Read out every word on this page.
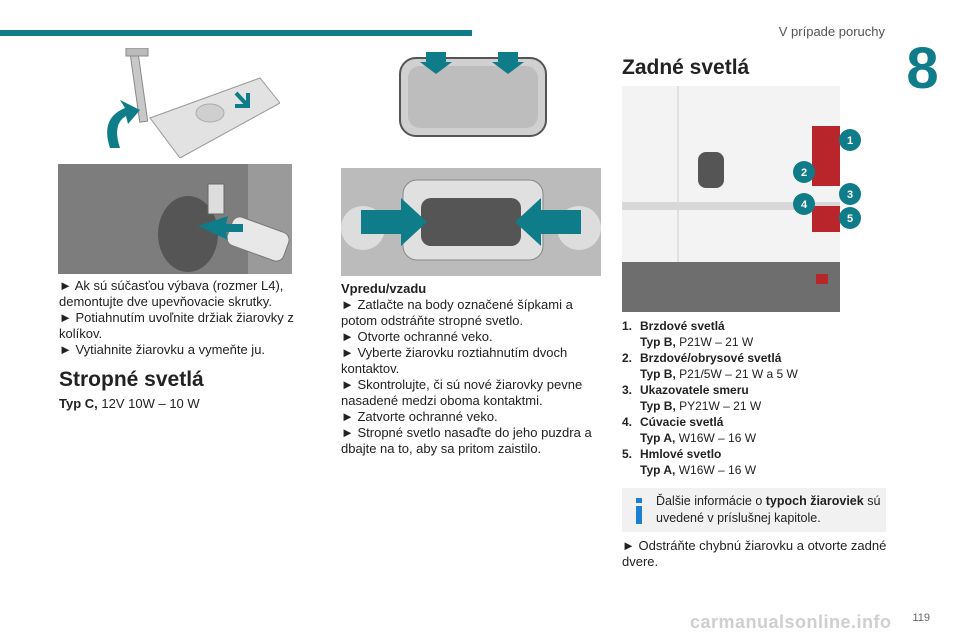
V prípade poruchy
8

► Ak sú súčasťou výbava (rozmer L4), demontujte dve upevňovacie skrutky.

► Potiahnutím uvoľnite držiak žiarovky z kolíkov.

► Vytiahnite žiarovku a vymeňte ju.

Stropné svetlá

Typ C, 12V 10W – 10 W

Vpredu/vzadu

► Zatlačte na body označené šípkami a potom odstráňte stropné svetlo.

► Otvorte ochranné veko.

► Vyberte žiarovku roztiahnutím dvoch kontaktov.

► Skontrolujte, či sú nové žiarovky pevne nasadené medzi oboma kontaktmi.

► Zatvorte ochranné veko.

► Stropné svetlo nasaďte do jeho puzdra a dbajte na to, aby sa pritom zaistilo.

Zadné svetlá
1
2
3
4
5
1. Brzdové svetlá
Typ B, P21W – 21 W
2. Brzdové/obrysové svetlá
Typ B, P21/5W – 21 W a 5 W
3. Ukazovatele smeru
Typ B, PY21W – 21 W
4. Cúvacie svetlá
Typ A, W16W – 16 W
5. Hmlové svetlo
Typ A, W16W – 16 W
Ďalšie informácie o typoch žiaroviek sú uvedené v príslušnej kapitole.

► Odstráňte chybnú žiarovku a otvorte zadné dvere.

carmanualsonline.info 119
